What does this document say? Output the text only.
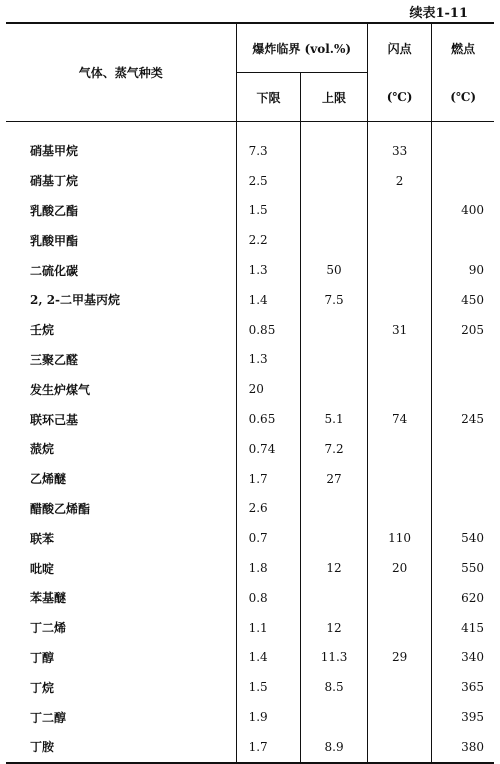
续表1-11
气体、蒸气种类	爆炸临界 (vol.%)		闪点	燃点
	下限	上限	(℃)	(℃)
硝基甲烷	7.3		33	
硝基丁烷	2.5		2	
乳酸乙酯	1.5			400
乳酸甲酯	2.2			
二硫化碳	1.3	50		90
2, 2-二甲基丙烷	1.4	7.5		450
壬烷	0.85		31	205
三聚乙醛	1.3			
发生炉煤气	20			
联环己基	0.65	5.1	74	245
蒎烷	0.74	7.2		
乙烯醚	1.7	27		
醋酸乙烯酯	2.6			
联苯	0.7		110	540
吡啶	1.8	12	20	550
苯基醚	0.8			620
丁二烯	1.1	12		415
丁醇	1.4	11.3	29	340
丁烷	1.5	8.5		365
丁二醇	1.9			395
丁胺	1.7	8.9		380
